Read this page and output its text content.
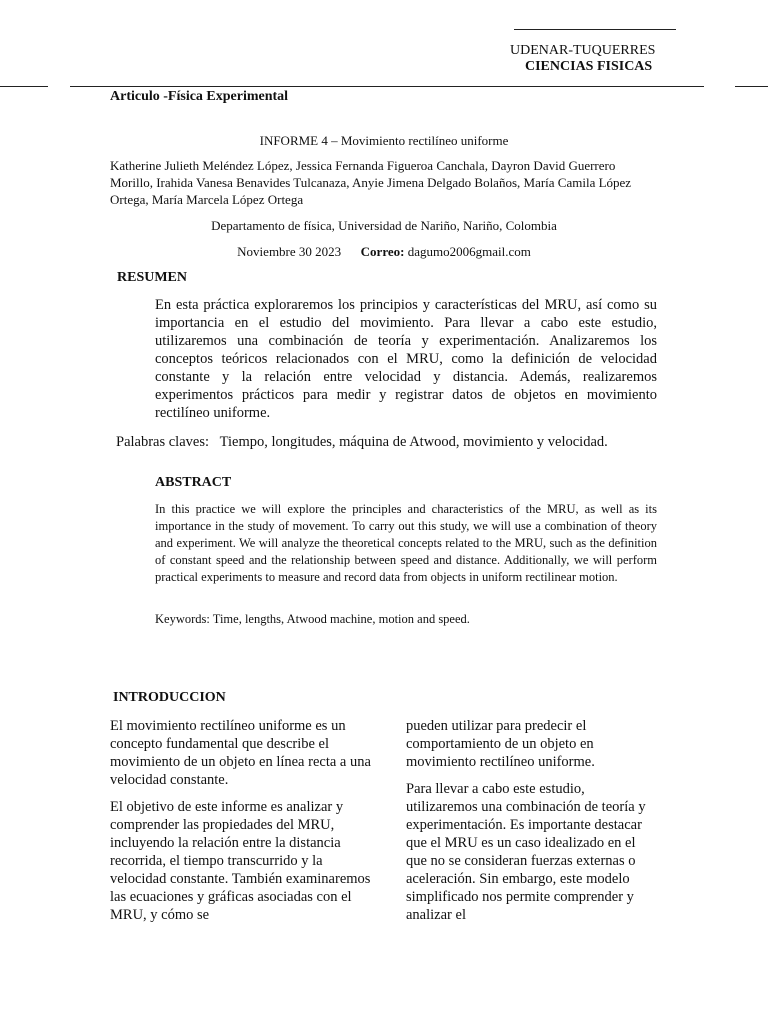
UDENAR-TUQUERRES
CIENCIAS FISICAS
Articulo -Física Experimental
INFORME 4 – Movimiento rectilíneo uniforme
Katherine Julieth Meléndez López, Jessica Fernanda Figueroa Canchala, Dayron David Guerrero Morillo, Irahida Vanesa Benavides Tulcanaza, Anyie Jimena Delgado Bolaños, María Camila López Ortega, María Marcela López Ortega
Departamento de física, Universidad de Nariño, Nariño, Colombia
Noviembre 30 2023 Correo: dagumo2006gmail.com
RESUMEN
En esta práctica exploraremos los principios y características del MRU, así como su importancia en el estudio del movimiento. Para llevar a cabo este estudio, utilizaremos una combinación de teoría y experimentación. Analizaremos los conceptos teóricos relacionados con el MRU, como la definición de velocidad constante y la relación entre velocidad y distancia. Además, realizaremos experimentos prácticos para medir y registrar datos de objetos en movimiento rectilíneo uniforme.
Palabras claves: Tiempo, longitudes, máquina de Atwood, movimiento y velocidad.
ABSTRACT
In this practice we will explore the principles and characteristics of the MRU, as well as its importance in the study of movement. To carry out this study, we will use a combination of theory and experiment. We will analyze the theoretical concepts related to the MRU, such as the definition of constant speed and the relationship between speed and distance. Additionally, we will perform practical experiments to measure and record data from objects in uniform rectilinear motion.
Keywords: Time, lengths, Atwood machine, motion and speed.
INTRODUCCION

El movimiento rectilíneo uniforme es un concepto fundamental que describe el movimiento de un objeto en línea recta a una velocidad constante.

El objetivo de este informe es analizar y comprender las propiedades del MRU, incluyendo la relación entre la distancia recorrida, el tiempo transcurrido y la velocidad constante. También examinaremos las ecuaciones y gráficas asociadas con el MRU, y cómo se

pueden utilizar para predecir el comportamiento de un objeto en movimiento rectilíneo uniforme.

Para llevar a cabo este estudio, utilizaremos una combinación de teoría y experimentación. Es importante destacar que el MRU es un caso idealizado en el que no se consideran fuerzas externas o aceleración. Sin embargo, este modelo simplificado nos permite comprender y analizar el
